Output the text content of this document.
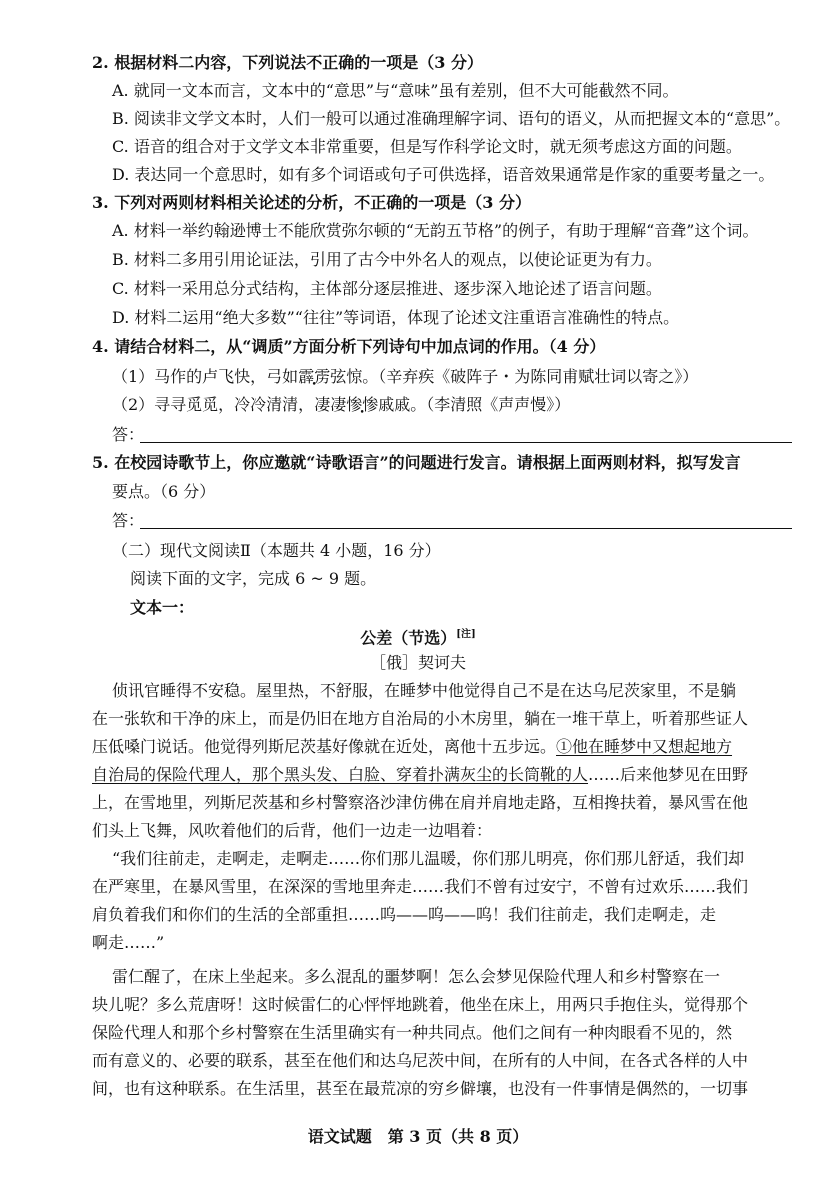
2. 根据材料二内容，下列说法不正确的一项是（3 分）
A. 就同一文本而言，文本中的“意思”与“意味”虽有差别，但不大可能截然不同。
B. 阅读非文学文本时，人们一般可以通过准确理解字词、语句的语义，从而把握文本的“意思”。
C. 语音的组合对于文学文本非常重要，但是写作科学论文时，就无须考虑这方面的问题。
D. 表达同一个意思时，如有多个词语或句子可供选择，语音效果通常是作家的重要考量之一。
3. 下列对两则材料相关论述的分析，不正确的一项是（3 分）
A. 材料一举约翰逊博士不能欣赏弥尔顿的“无韵五节格”的例子，有助于理解“音聋”这个词。
B. 材料二多用引用论证法，引用了古今中外名人的观点，以使论证更为有力。
C. 材料一采用总分式结构，主体部分逐层推进、逐步深入地论述了语言问题。
D. 材料二运用“绝大多数”“往往”等词语，体现了论述文注重语言准确性的特点。
4. 请结合材料二，从“调质”方面分析下列诗句中加点词的作用。（4 分）
（1）马作的卢飞快，弓如霹雳弦惊。（辛弃疾《破阵子・为陈同甫赋壮词以寄之》）
（2）寻寻觅觅，冷冷清清，凄凄惨惨戚戚 •。（李清照《声声慢》）
答：
5. 在校园诗歌节上，你应邀就“诗歌语言”的问题进行发言。请根据上面两则材料，拟写发言
要点。（6 分）
答：
（二）现代文阅读Ⅱ（本题共 4 小题，16 分）
阅读下面的文字，完成 6 ~ 9 题。
文本一：
公差（节选）[注]
［俄］契诃夫
侦讯官睡得不安稳。屋里热，不舒服，在睡梦中他觉得自己不是在达乌尼茨家里，不是躺
在一张软和干净的床上，而是仍旧在地方自治局的小木房里，躺在一堆干草上，听着那些证人
压低嗓门说话。他觉得列斯尼茨基好像就在近处，离他十五步远。①他在睡梦中又想起地方
自治局的保险代理人，那个黑头发、白脸、穿着扑满灰尘的长筒靴的人……后来他梦见在田野
上，在雪地里，列斯尼茨基和乡村警察洛沙津仿佛在肩并肩地走路，互相搀扶着，暴风雪在他
们头上飞舞，风吹着他们的后背，他们一边走一边唱着：
“我们往前走，走啊走，走啊走……你们那儿温暖，你们那儿明亮，你们那儿舒适，我们却
在严寒里，在暴风雪里，在深深的雪地里奔走……我们不曾有过安宁，不曾有过欢乐……我们
肩负着我们和你们的生活的全部重担……呜——呜——呜！我们往前走，我们走啊走，走
啊走……”
雷仁醒了，在床上坐起来。多么混乱的噩梦啊！怎么会梦见保险代理人和乡村警察在一
块儿呢？多么荒唐呀！这时候雷仁的心怦怦地跳着，他坐在床上，用两只手抱住头，觉得那个
保险代理人和那个乡村警察在生活里确实有一种共同点。他们之间有一种肉眼看不见的，然
而有意义的、必要的联系，甚至在他们和达乌尼茨中间，在所有的人中间，在各式各样的人中
间，也有这种联系。在生活里，甚至在最荒凉的穷乡僻壤，也没有一件事情是偶然的，一切事
语文试题　第 3 页（共 8 页）
